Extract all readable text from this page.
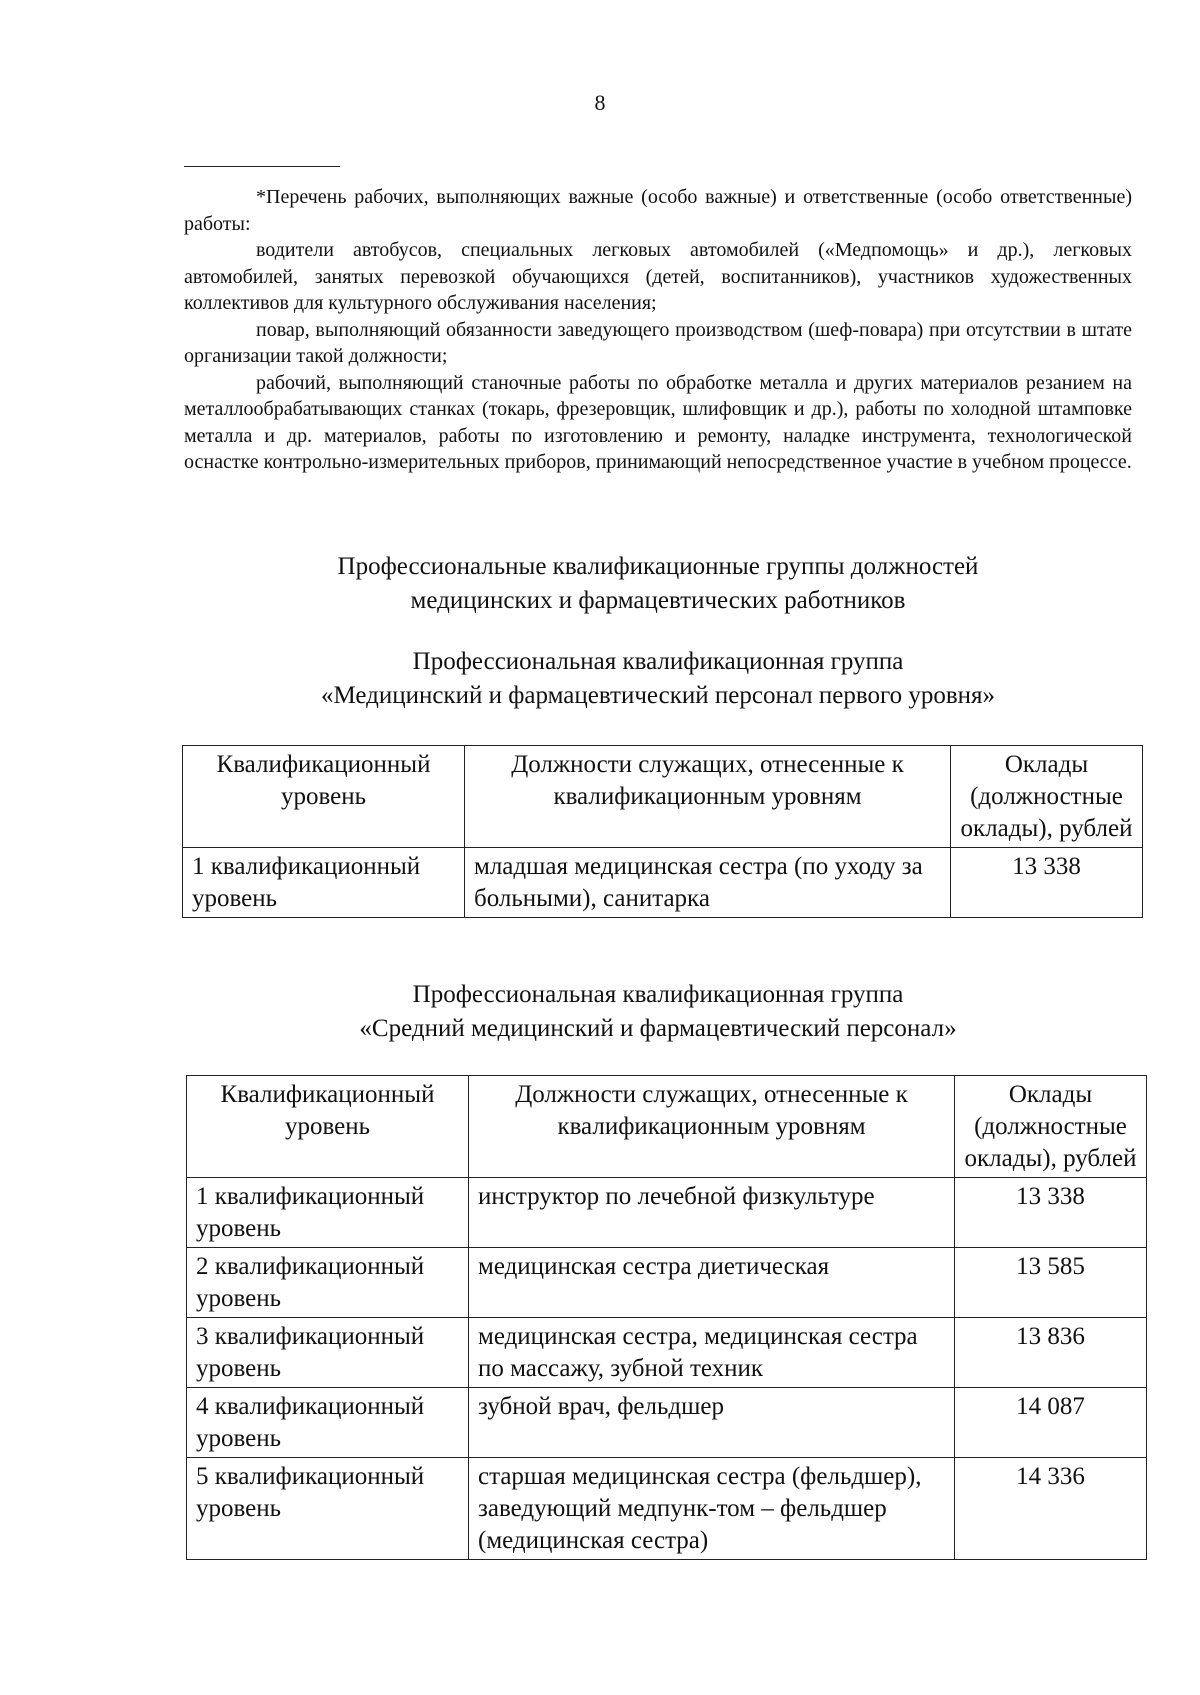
8

*Перечень рабочих, выполняющих важные (особо важные) и ответственные (особо ответственные) работы:

водители автобусов, специальных легковых автомобилей («Медпомощь» и др.), легковых автомобилей, занятых перевозкой обучающихся (детей, воспитанников), участников художественных коллективов для культурного обслуживания населения;

повар, выполняющий обязанности заведующего производством (шеф-повара) при отсутствии в штате организации такой должности;

рабочий, выполняющий станочные работы по обработке металла и других материалов резанием на металлообрабатывающих станках (токарь, фрезеровщик, шлифовщик и др.), работы по холодной штамповке металла и др. материалов, работы по изготовлению и ремонту, наладке инструмента, технологической оснастке контрольно-измерительных приборов, принимающий непосредственное участие в учебном процессе.

Профессиональные квалификационные группы должностей
медицинских и фармацевтических работников
Профессиональная квалификационная группа
«Медицинский и фармацевтический персонал первого уровня»
Квалификационный уровень	Должности служащих, отнесенные к квалификационным уровням	Оклады (должностные оклады), рублей
1 квалификационный уровень	младшая медицинская сестра (по уходу за больными), санитарка	13 338
Профессиональная квалификационная группа
«Средний медицинский и фармацевтический персонал»
Квалификационный уровень	Должности служащих, отнесенные к квалификационным уровням	Оклады (должностные оклады), рублей
1 квалификационный уровень	инструктор по лечебной физкультуре	13 338
2 квалификационный уровень	медицинская сестра диетическая	13 585
3 квалификационный уровень	медицинская сестра, медицинская сестра по массажу, зубной техник	13 836
4 квалификационный уровень	зубной врач, фельдшер	14 087
5 квалификационный уровень	старшая медицинская сестра (фельдшер), заведующий медпунк-том – фельдшер (медицинская сестра)	14 336
